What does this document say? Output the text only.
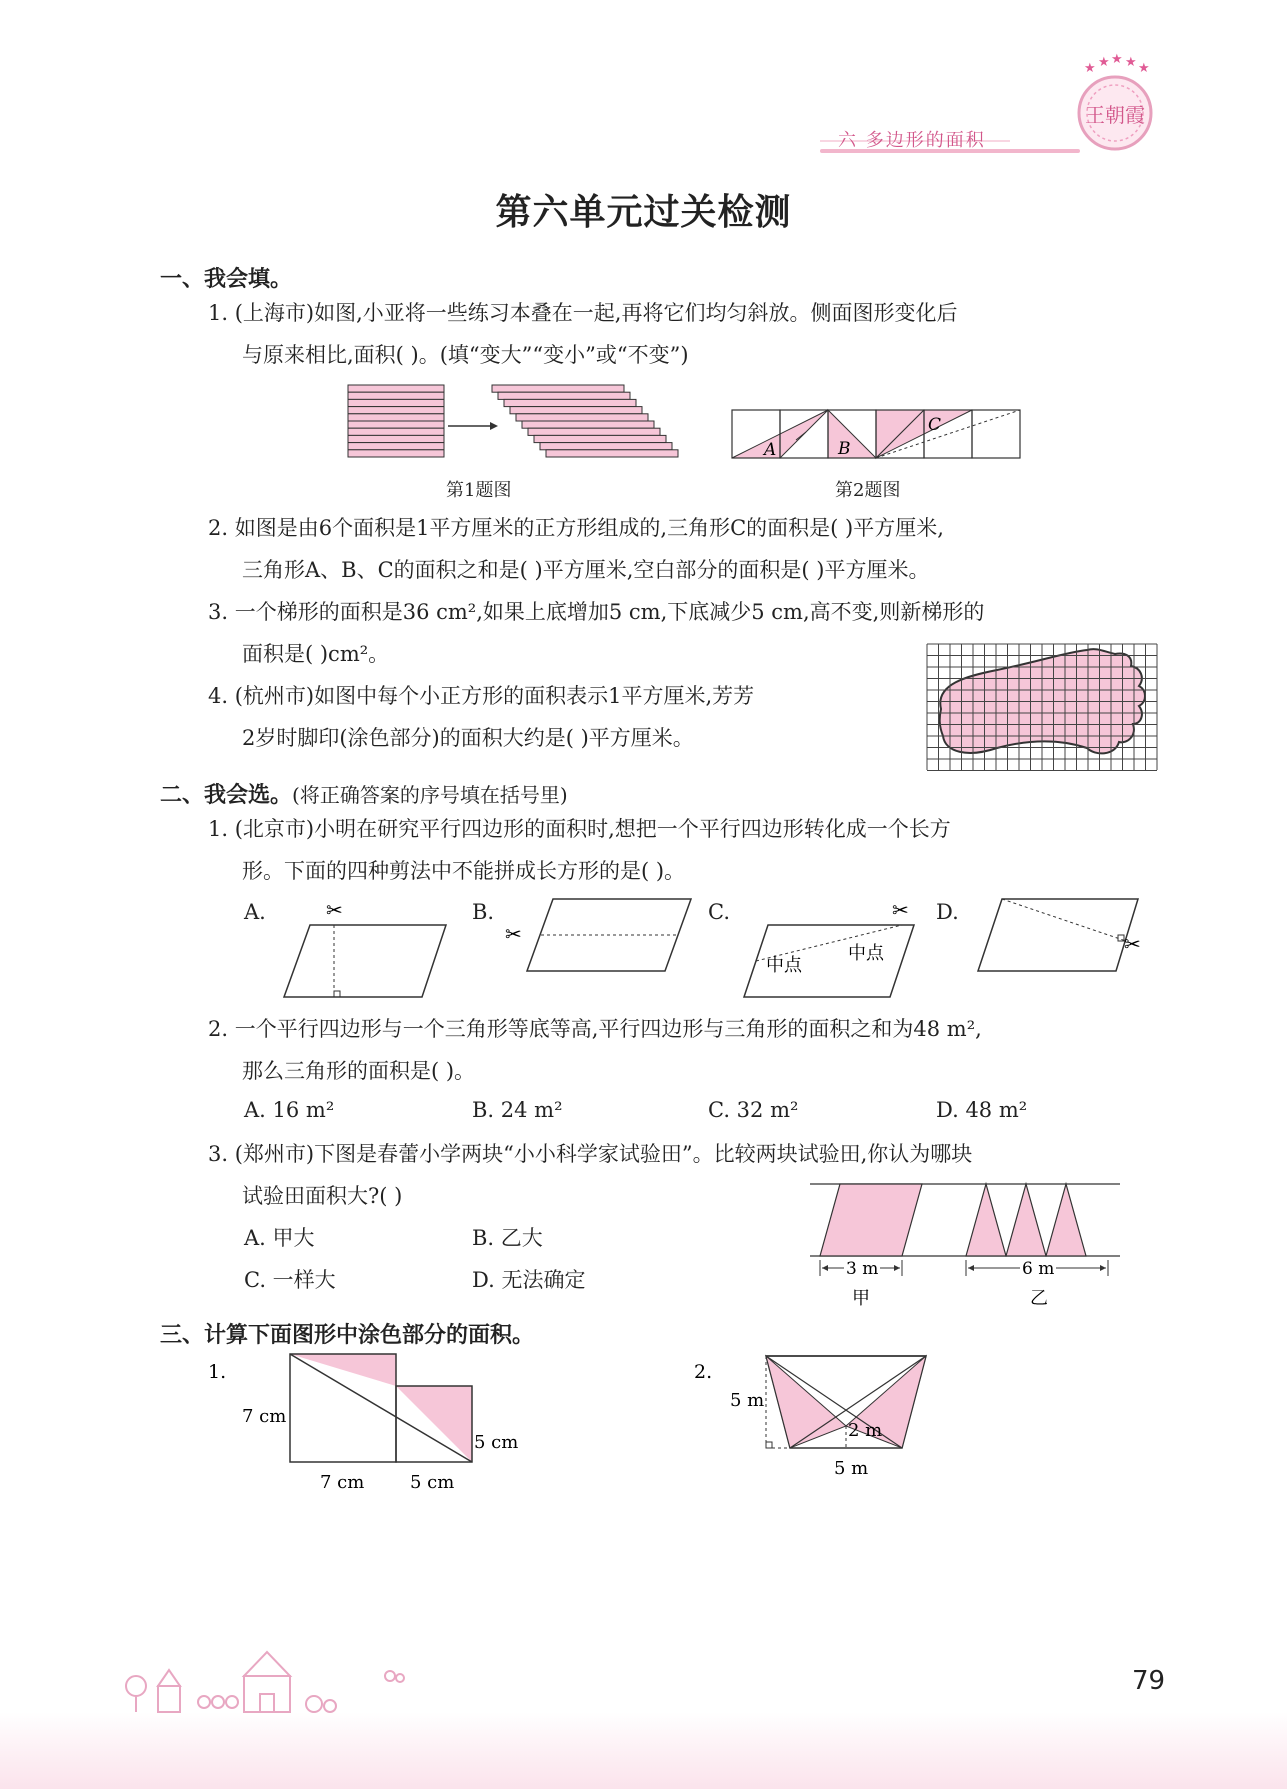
六 多边形的面积
王朝霞
★ ★ ★ ★ ★
第六单元过关检测
一、我会填。
1. (上海市)如图,小亚将一些练习本叠在一起,再将它们均匀斜放。侧面图形变化后
与原来相比,面积( )。(填“变大”“变小”或“不变”)
第1题图
A	B
C
第2题图
2. 如图是由6个面积是1平方厘米的正方形组成的,三角形C的面积是( )平方厘米,
三角形A、B、C的面积之和是( )平方厘米,空白部分的面积是( )平方厘米。
3. 一个梯形的面积是36 cm²,如果上底增加5 cm,下底减少5 cm,高不变,则新梯形的
面积是( )cm²。
4. (杭州市)如图中每个小正方形的面积表示1平方厘米,芳芳
2岁时脚印(涂色部分)的面积大约是( )平方厘米。
二、我会选。(将正确答案的序号填在括号里)
1. (北京市)小明在研究平行四边形的面积时,想把一个平行四边形转化成一个长方
形。下面的四种剪法中不能拼成长方形的是( )。
A.	B.	C.	D.
✂
✂
✂
中点
中点	✂
2. 一个平行四边形与一个三角形等底等高,平行四边形与三角形的面积之和为48 m²,
那么三角形的面积是( )。
A. 16 m²	B. 24 m²	C. 32 m²	D. 48 m²
3. (郑州市)下图是春蕾小学两块“小小科学家试验田”。比较两块试验田,你认为哪块
试验田面积大?( )
A. 甲大	B. 乙大
C. 一样大	D. 无法确定	3 m	6 m
甲	乙
三、计算下面图形中涂色部分的面积。
1.
7 cm
5 cm
7 cm	5 cm
2.
5 m
2 m
5 m
79
